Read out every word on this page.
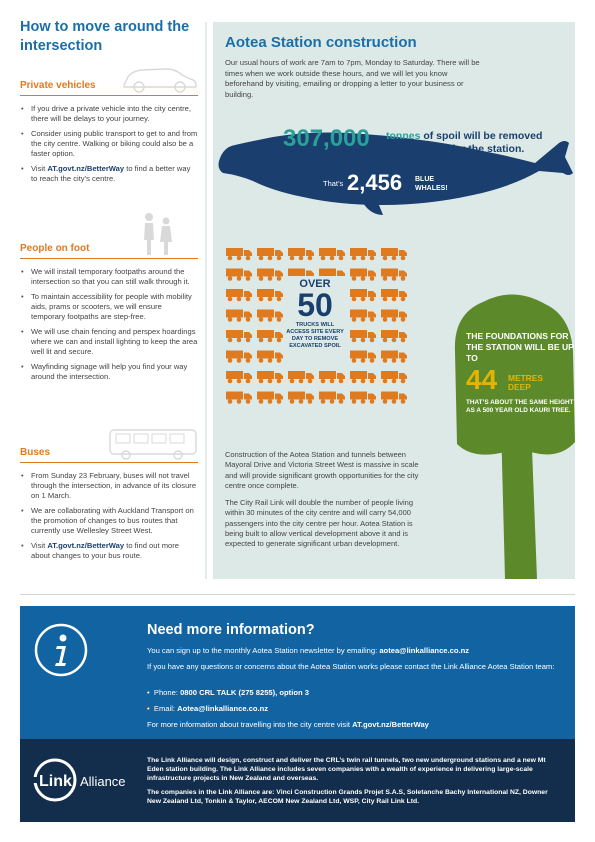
How to move around the intersection
Private vehicles
• If you drive a private vehicle into the city centre, there will be delays to your journey.
• Consider using public transport to get to and from the city centre. Walking or biking could also be a faster option.
• Visit AT.govt.nz/BetterWay to find a better way to reach the city’s centre.
People on foot
• We will install temporary footpaths around the intersection so that you can still walk through it.
• To maintain accessibility for people with mobility aids, prams or scooters, we will ensure temporary footpaths are step-free.
• We will use chain fencing and perspex hoardings where we can and install lighting to keep the area well lit and secure.
• Wayfinding signage will help you find your way around the intersection.
Buses
• From Sunday 23 February, buses will not travel through the intersection, in advance of its closure on 1 March.
• We are collaborating with Auckland Transport on the promotion of changes to bus routes that currently use Wellesley Street West.
• Visit AT.govt.nz/BetterWay to find out more about changes to your bus route.
Aotea Station construction
Our usual hours of work are 7am to 7pm, Monday to Saturday. There will be times when we work outside these hours, and we will let you know beforehand by visiting, emailing or dropping a letter to your business or building.
307,000 tonnes of spoil will be removed
to make way for the station.
That’s 2,456 BLUE
WHALES!
OVER
50
TRUCKS WILL ACCESS SITE EVERY DAY TO REMOVE EXCAVATED SPOIL
THE FOUNDATIONS FOR THE STATION WILL BE UP TO
44 METRES
DEEP
THAT’S ABOUT THE SAME HEIGHT AS A 500 YEAR OLD KAURI TREE.
Construction of the Aotea Station and tunnels between Mayoral Drive and Victoria Street West is massive in scale and will provide significant growth opportunities for the city centre once complete.
The City Rail Link will double the number of people living within 30 minutes of the city centre and will carry 54,000 passengers into the city centre per hour. Aotea Station is being built to allow vertical development above it and is expected to generate significant urban development.
Need more information?
You can sign up to the monthly Aotea Station newsletter by emailing: aotea@linkalliance.co.nz
If you have any questions or concerns about the Aotea Station works please contact the Link Alliance Aotea Station team:
•  Phone: 0800 CRL TALK (275 8255), option 3
•  Email: Aotea@linkalliance.co.nz
For more information about travelling into the city centre visit AT.govt.nz/BetterWay
Link Alliance
The Link Alliance will design, construct and deliver the CRL’s twin rail tunnels, two new underground stations and a new Mt Eden station building. The Link Alliance includes seven companies with a wealth of experience in delivering large-scale infrastructure projects in New Zealand and overseas.
The companies in the Link Alliance are: Vinci Construction Grands Projet S.A.S, Soletanche Bachy International NZ, Downer New Zealand Ltd, Tonkin & Taylor, AECOM New Zealand Ltd, WSP, City Rail Link Ltd.
